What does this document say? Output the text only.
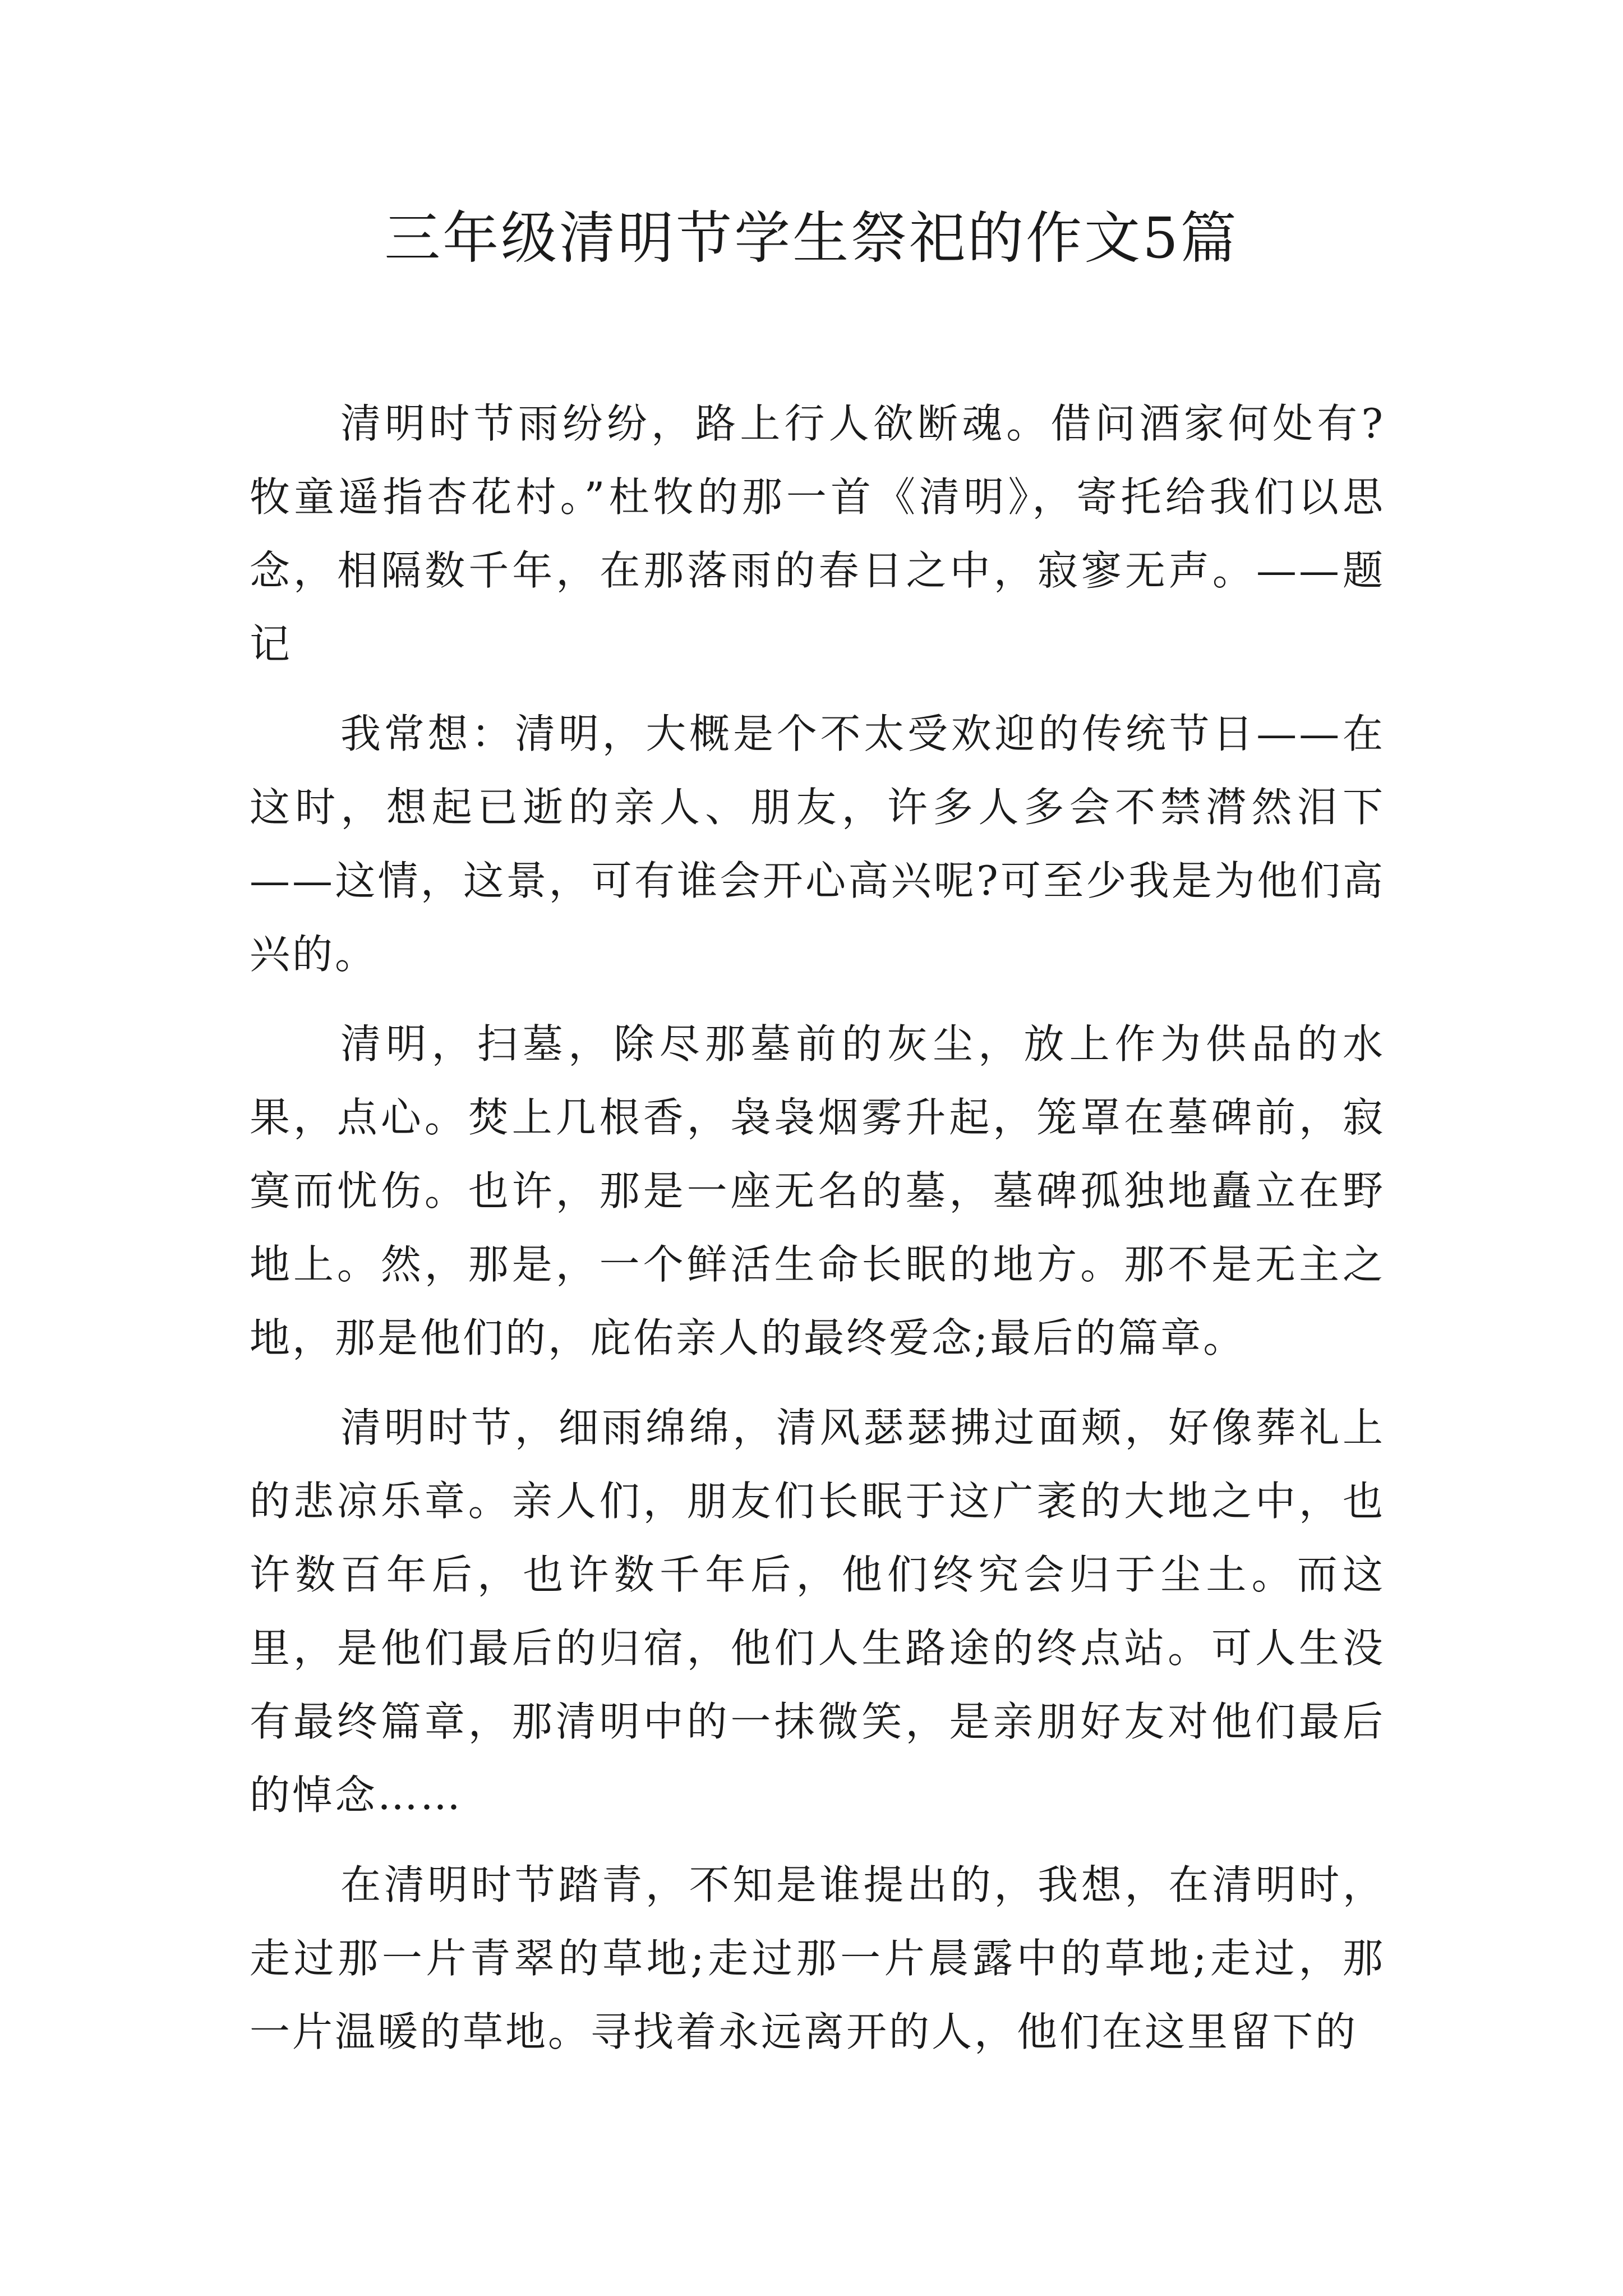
三年级清明节学生祭祀的作文5篇

清明时节雨纷纷，路上行人欲断魂。借问酒家何处有?牧童遥指杏花村。”杜牧的那一首《清明》，寄托给我们以思念，相隔数千年，在那落雨的春日之中，寂寥无声。——题记

我常想：清明，大概是个不太受欢迎的传统节日——在这时，想起已逝的亲人、朋友，许多人多会不禁潸然泪下——这情，这景，可有谁会开心高兴呢?可至少我是为他们高兴的。

清明，扫墓，除尽那墓前的灰尘，放上作为供品的水果，点心。焚上几根香，袅袅烟雾升起，笼罩在墓碑前，寂寞而忧伤。也许，那是一座无名的墓，墓碑孤独地矗立在野地上。然，那是，一个鲜活生命长眠的地方。那不是无主之地，那是他们的，庇佑亲人的最终爱念;最后的篇章。

清明时节，细雨绵绵，清风瑟瑟拂过面颊，好像葬礼上的悲凉乐章。亲人们，朋友们长眠于这广袤的大地之中，也许数百年后，也许数千年后，他们终究会归于尘土。而这里，是他们最后的归宿，他们人生路途的终点站。可人生没有最终篇章，那清明中的一抹微笑，是亲朋好友对他们最后的悼念……

在清明时节踏青，不知是谁提出的，我想，在清明时，走过那一片青翠的草地;走过那一片晨露中的草地;走过，那一片温暖的草地。寻找着永远离开的人，他们在这里留下的
